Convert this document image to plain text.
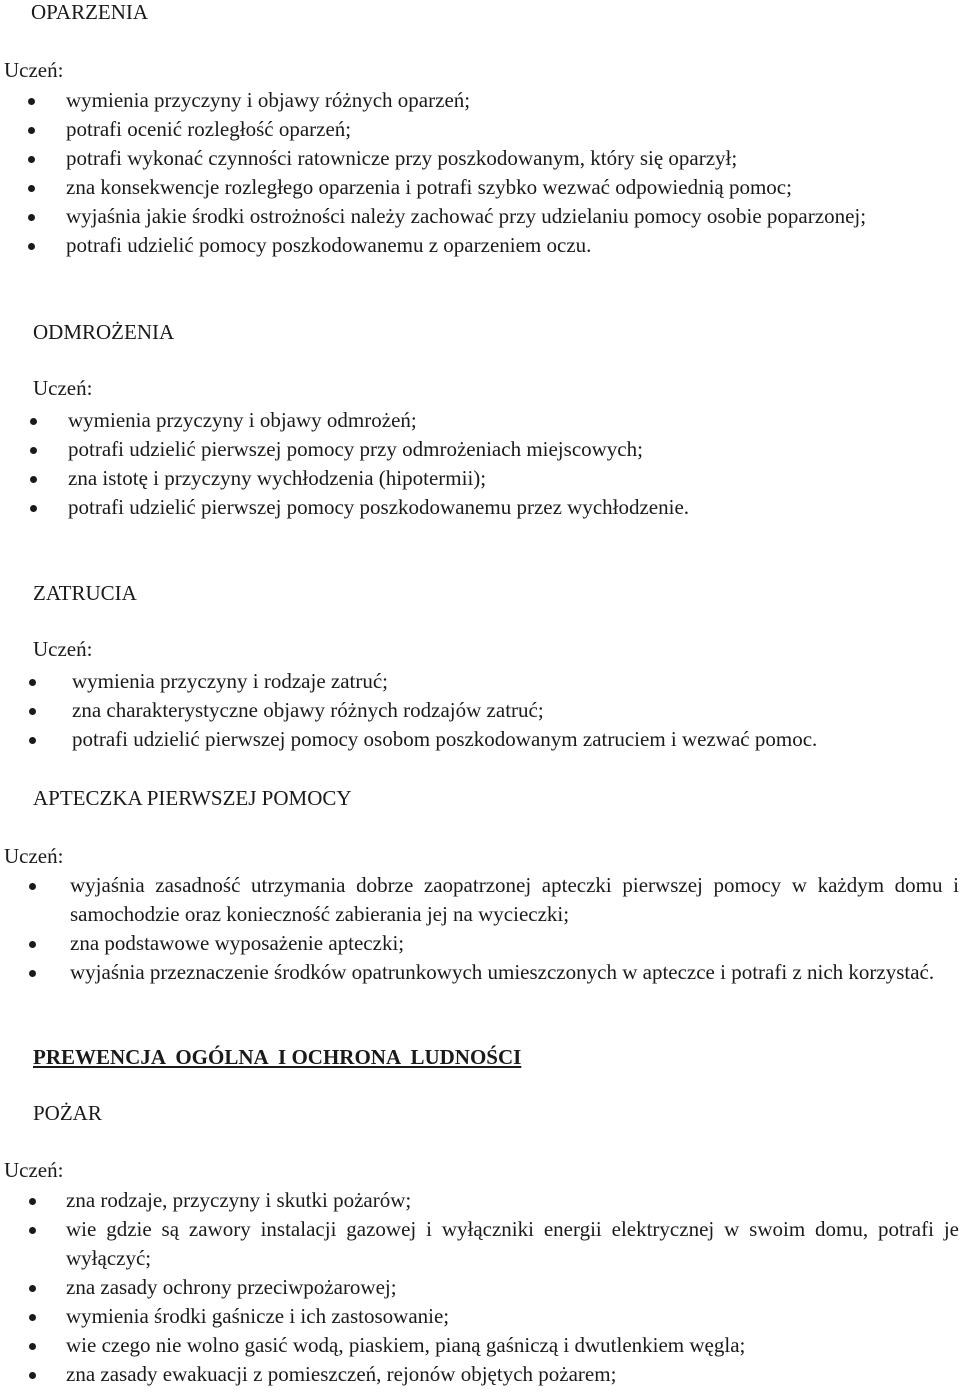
OPARZENIA
Uczeń:
wymienia przyczyny i objawy różnych oparzeń;
potrafi ocenić rozległość oparzeń;
potrafi wykonać czynności ratownicze przy poszkodowanym, który się oparzył;
zna konsekwencje rozległego oparzenia i potrafi szybko wezwać odpowiednią pomoc;
wyjaśnia jakie środki ostrożności należy zachować przy udzielaniu pomocy osobie poparzonej;
potrafi udzielić pomocy poszkodowanemu z oparzeniem oczu.
ODMROŻENIA
Uczeń:
wymienia przyczyny i objawy odmrożeń;
potrafi udzielić pierwszej pomocy przy odmrożeniach miejscowych;
zna istotę i przyczyny wychłodzenia (hipotermii);
potrafi udzielić pierwszej pomocy poszkodowanemu przez wychłodzenie.
ZATRUCIA
Uczeń:
wymienia przyczyny i rodzaje zatruć;
zna charakterystyczne objawy różnych rodzajów zatruć;
potrafi udzielić pierwszej pomocy osobom poszkodowanym zatruciem i wezwać pomoc.
APTECZKA PIERWSZEJ POMOCY
Uczeń:
wyjaśnia zasadność utrzymania dobrze zaopatrzonej apteczki pierwszej pomocy w każdym domu i samochodzie oraz konieczność zabierania jej na wycieczki;
zna podstawowe wyposażenie apteczki;
wyjaśnia przeznaczenie środków opatrunkowych umieszczonych w apteczce i potrafi z nich korzystać.
PREWENCJA  OGÓLNA  I OCHRONA  LUDNOŚCI
POŻAR
Uczeń:
zna rodzaje, przyczyny i skutki pożarów;
wie gdzie są zawory instalacji gazowej i wyłączniki energii elektrycznej w swoim domu, potrafi je wyłączyć;
zna zasady ochrony przeciwpożarowej;
wymienia środki gaśnicze i ich zastosowanie;
wie czego nie wolno gasić wodą, piaskiem, pianą gaśniczą i dwutlenkiem węgla;
zna zasady ewakuacji z pomieszczeń, rejonów objętych pożarem;
